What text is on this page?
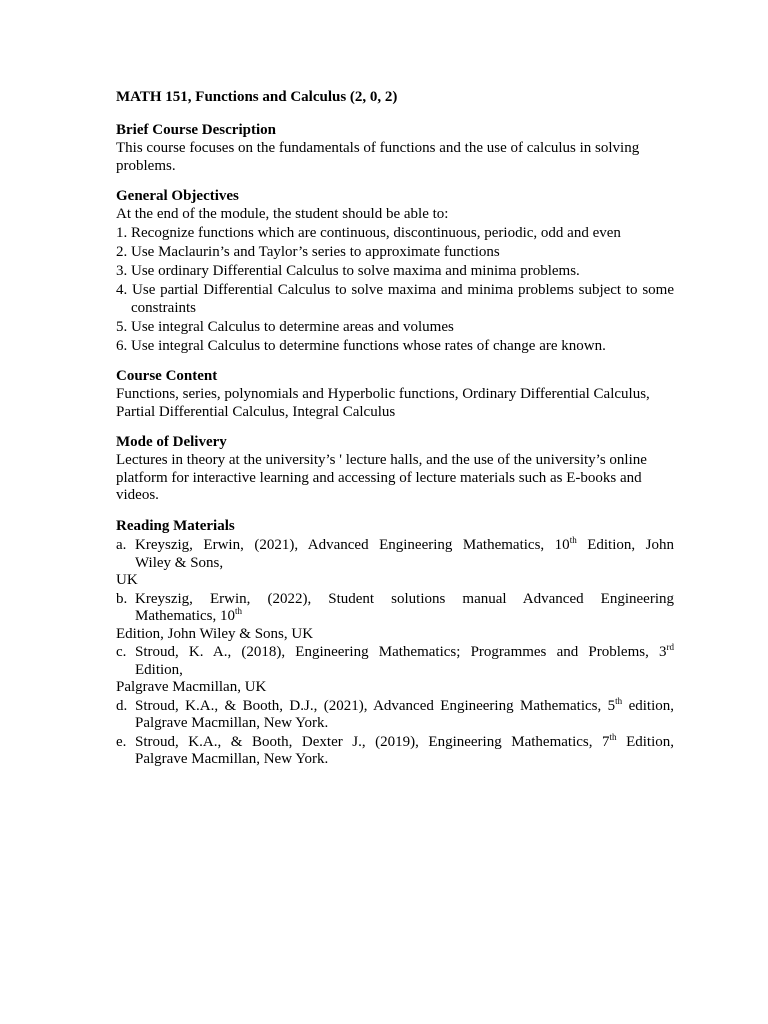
MATH 151, Functions and Calculus (2, 0, 2)

Brief Course Description

This course focuses on the fundamentals of functions and the use of calculus in solving problems.

General Objectives

At the end of the module, the student should be able to:

1. Recognize functions which are continuous, discontinuous, periodic, odd and even
2. Use Maclaurin’s and Taylor’s series to approximate functions
3. Use ordinary Differential Calculus to solve maxima and minima problems.
4. Use partial Differential Calculus to solve maxima and minima problems subject to some constraints
5. Use integral Calculus to determine areas and volumes
6. Use integral Calculus to determine functions whose rates of change are known.

Course Content

Functions, series, polynomials and Hyperbolic functions, Ordinary Differential Calculus, Partial Differential Calculus, Integral Calculus

Mode of Delivery

Lectures in theory at the university’s ' lecture halls, and the use of the university’s online platform for interactive learning and accessing of lecture materials such as E-books and videos.

Reading Materials

a. Kreyszig, Erwin, (2021), Advanced Engineering Mathematics, 10th Edition, John
Wiley & Sons,

UK

b. Kreyszig, Erwin, (2022), Student solutions manual Advanced Engineering
Mathematics, 10th

Edition, John Wiley & Sons, UK

c. Stroud, K. A., (2018), Engineering Mathematics; Programmes and Problems, 3rd
Edition,

Palgrave Macmillan, UK

d. Stroud, K.A., & Booth, D.J., (2021), Advanced Engineering Mathematics, 5th edition,
Palgrave Macmillan, New York.
e. Stroud, K.A., & Booth, Dexter J., (2019), Engineering Mathematics, 7th Edition,
Palgrave Macmillan, New York.
